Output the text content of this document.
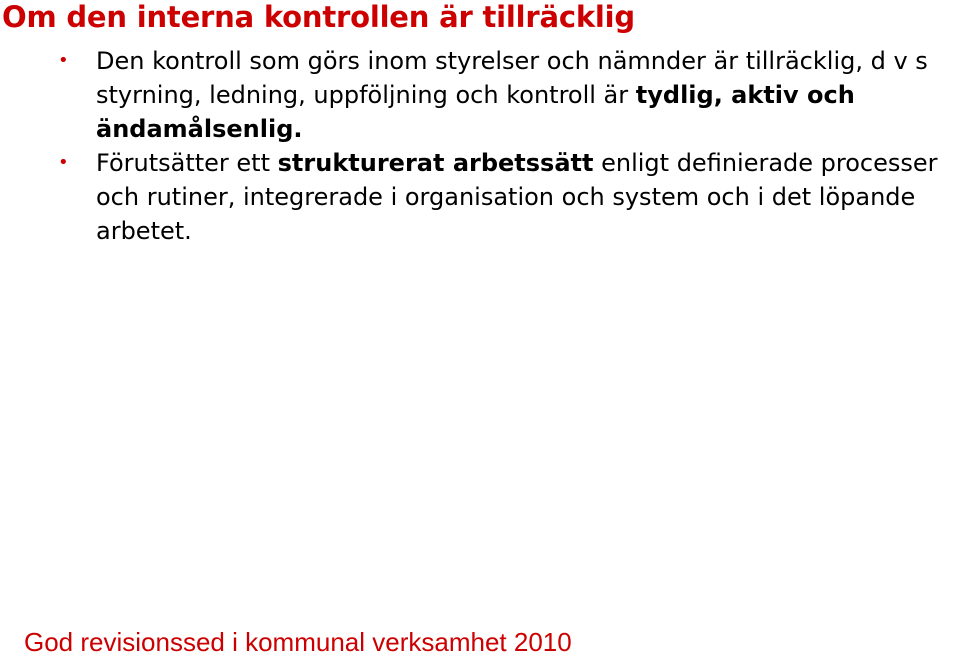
Om den interna kontrollen är tillräcklig
• Den kontroll som görs inom styrelser och nämnder är tillräcklig, d v s styrning, ledning, uppföljning och kontroll är tydlig, aktiv och ändamålsenlig.
• Förutsätter ett strukturerat arbetssätt enligt definierade processer och rutiner, integrerade i organisation och system och i det löpande arbetet.

God revisionssed i kommunal verksamhet 2010
